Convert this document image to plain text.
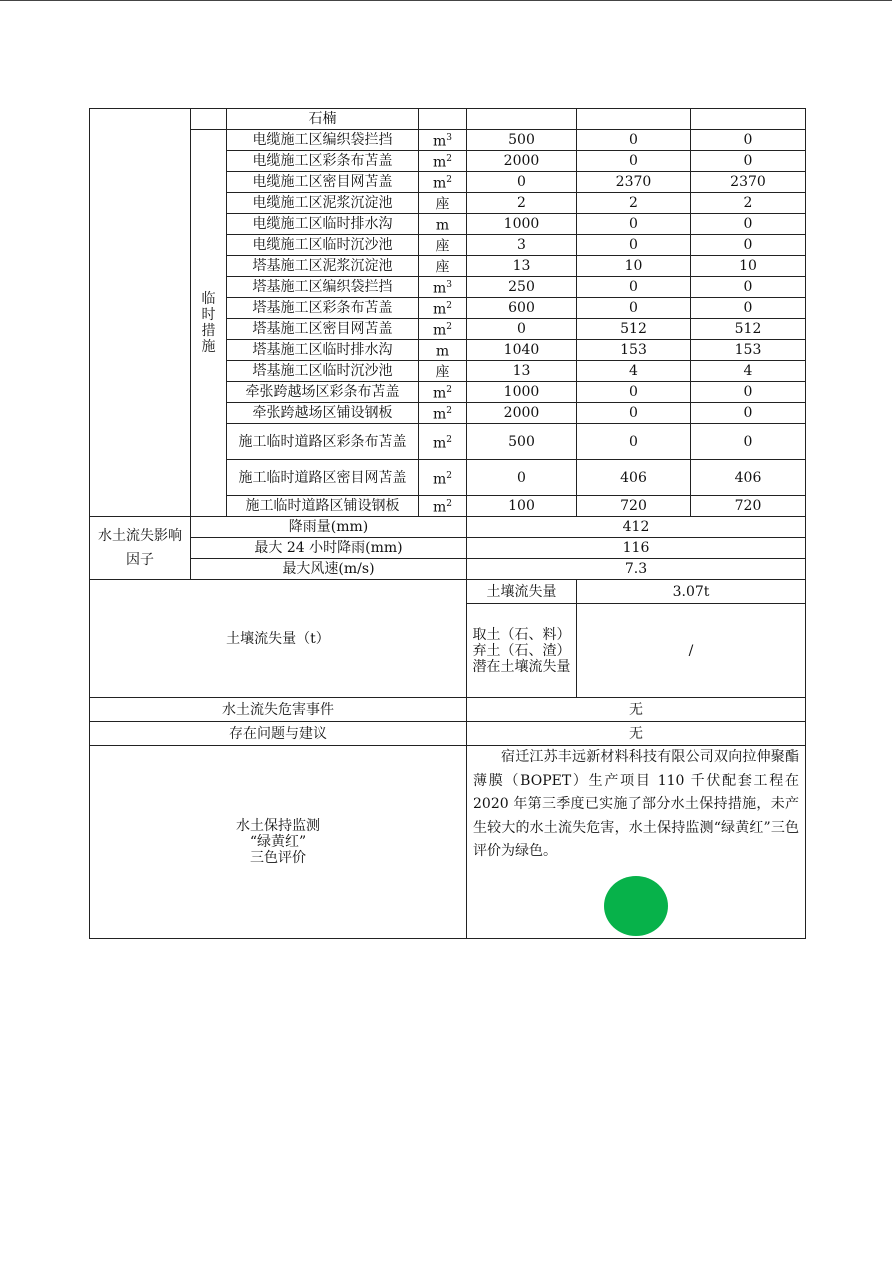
		石楠				
	临时措施	电缆施工区编织袋拦挡	$m^3$	500	0	0
		电缆施工区彩条布苫盖	$m^2$	2000	0	0
		电缆施工区密目网苫盖	$m^2$	0	2370	2370
		电缆施工区泥浆沉淀池	座	2	2	2
		电缆施工区临时排水沟	m	1000	0	0
		电缆施工区临时沉沙池	座	3	0	0
		塔基施工区泥浆沉淀池	座	13	10	10
		塔基施工区编织袋拦挡	$m^3$	250	0	0
		塔基施工区彩条布苫盖	$m^2$	600	0	0
		塔基施工区密目网苫盖	$m^2$	0	512	512
		塔基施工区临时排水沟	m	1040	153	153
		塔基施工区临时沉沙池	座	13	4	4
		牵张跨越场区彩条布苫盖	$m^2$	1000	0	0
		牵张跨越场区铺设钢板	$m^2$	2000	0	0
		施工临时道路区彩条布苫盖	$m^2$	500	0	0
		施工临时道路区密目网苫盖	$m^2$	0	406	406
		施工临时道路区铺设钢板	$m^2$	100	720	720
水土流失影响因子	降雨量(mm)			412		
	最大 24 小时降雨(mm)			116		
	最大风速(m/s)			7.3		
土壤流失量（t）				土壤流失量	3.07t	
				取土（石、料）弃土（石、渣）潜在土壤流失量	/	
水土流失危害事件				无		
存在问题与建议				无		

水土保持监测
“绿黄红”
三色评价				宿迁江苏丰远新材料科技有限公司双向拉伸聚酯薄膜（BOPET）生产项目 110 千伏配套工程在 2020 年第三季度已实施了部分水土保持措施，未产生较大的水土流失危害，水土保持监测“绿黄红”三色评价为绿色。		
